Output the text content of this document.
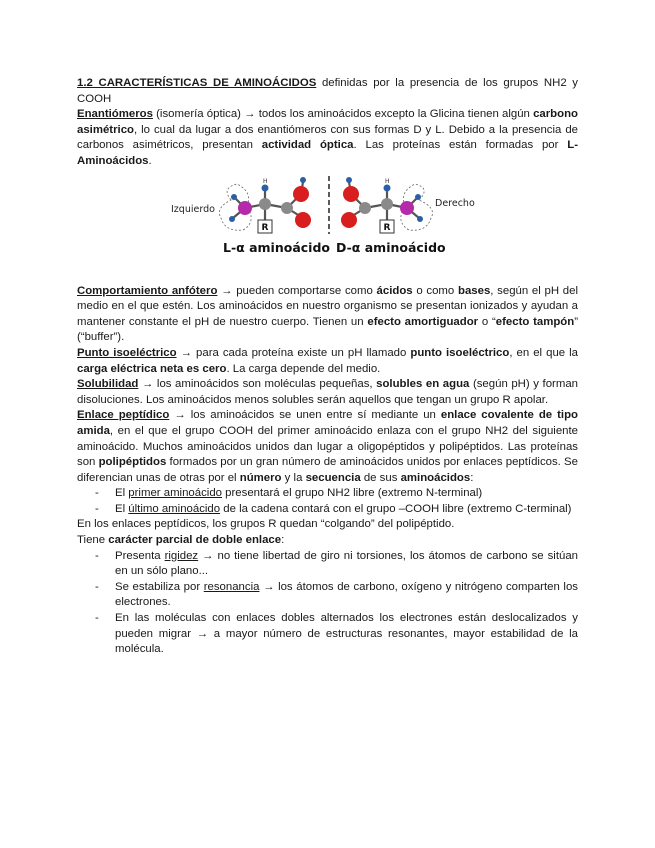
1.2 CARACTERÍSTICAS DE AMINOÁCIDOS definidas por la presencia de los grupos NH2 y COOH

Enantiómeros (isomería óptica) → todos los aminoácidos excepto la Glicina tienen algún carbono asimétrico, lo cual da lugar a dos enantiómeros con sus formas D y L. Debido a la presencia de carbonos asimétricos, presentan actividad óptica. Las proteínas están formadas por L-Aminoácidos.

H
R
H
R
Izquierdo
Derecho
L-α aminoácido D-α aminoácido

Comportamiento anfótero → pueden comportarse como ácidos o como bases, según el pH del medio en el que estén. Los aminoácidos en nuestro organismo se presentan ionizados y ayudan a mantener constante el pH de nuestro cuerpo. Tienen un efecto amortiguador o “efecto tampón” (“buffer”).

Punto isoeléctrico → para cada proteína existe un pH llamado punto isoeléctrico, en el que la carga eléctrica neta es cero. La carga depende del medio.

Solubilidad → los aminoácidos son moléculas pequeñas, solubles en agua (según pH) y forman disoluciones. Los aminoácidos menos solubles serán aquellos que tengan un grupo R apolar.

Enlace peptídico → los aminoácidos se unen entre sí mediante un enlace covalente de tipo amida, en el que el grupo COOH del primer aminoácido enlaza con el grupo NH2 del siguiente aminoácido. Muchos aminoácidos unidos dan lugar a oligopéptidos y polipéptidos. Las proteínas son polipéptidos formados por un gran número de aminoácidos unidos por enlaces peptídicos. Se diferencian unas de otras por el número y la secuencia de sus aminoácidos:

- El primer aminoácido presentará el grupo NH2 libre (extremo N-terminal)
- El último aminoácido de la cadena contará con el grupo –COOH libre (extremo C-terminal)

En los enlaces peptídicos, los grupos R quedan “colgando” del polipéptido.

Tiene carácter parcial de doble enlace:

- Presenta rigidez → no tiene libertad de giro ni torsiones, los átomos de carbono se sitúan en un sólo plano...
- Se estabiliza por resonancia → los átomos de carbono, oxígeno y nitrógeno comparten los electrones.
- En las moléculas con enlaces dobles alternados los electrones están deslocalizados y pueden migrar → a mayor número de estructuras resonantes, mayor estabilidad de la molécula.
